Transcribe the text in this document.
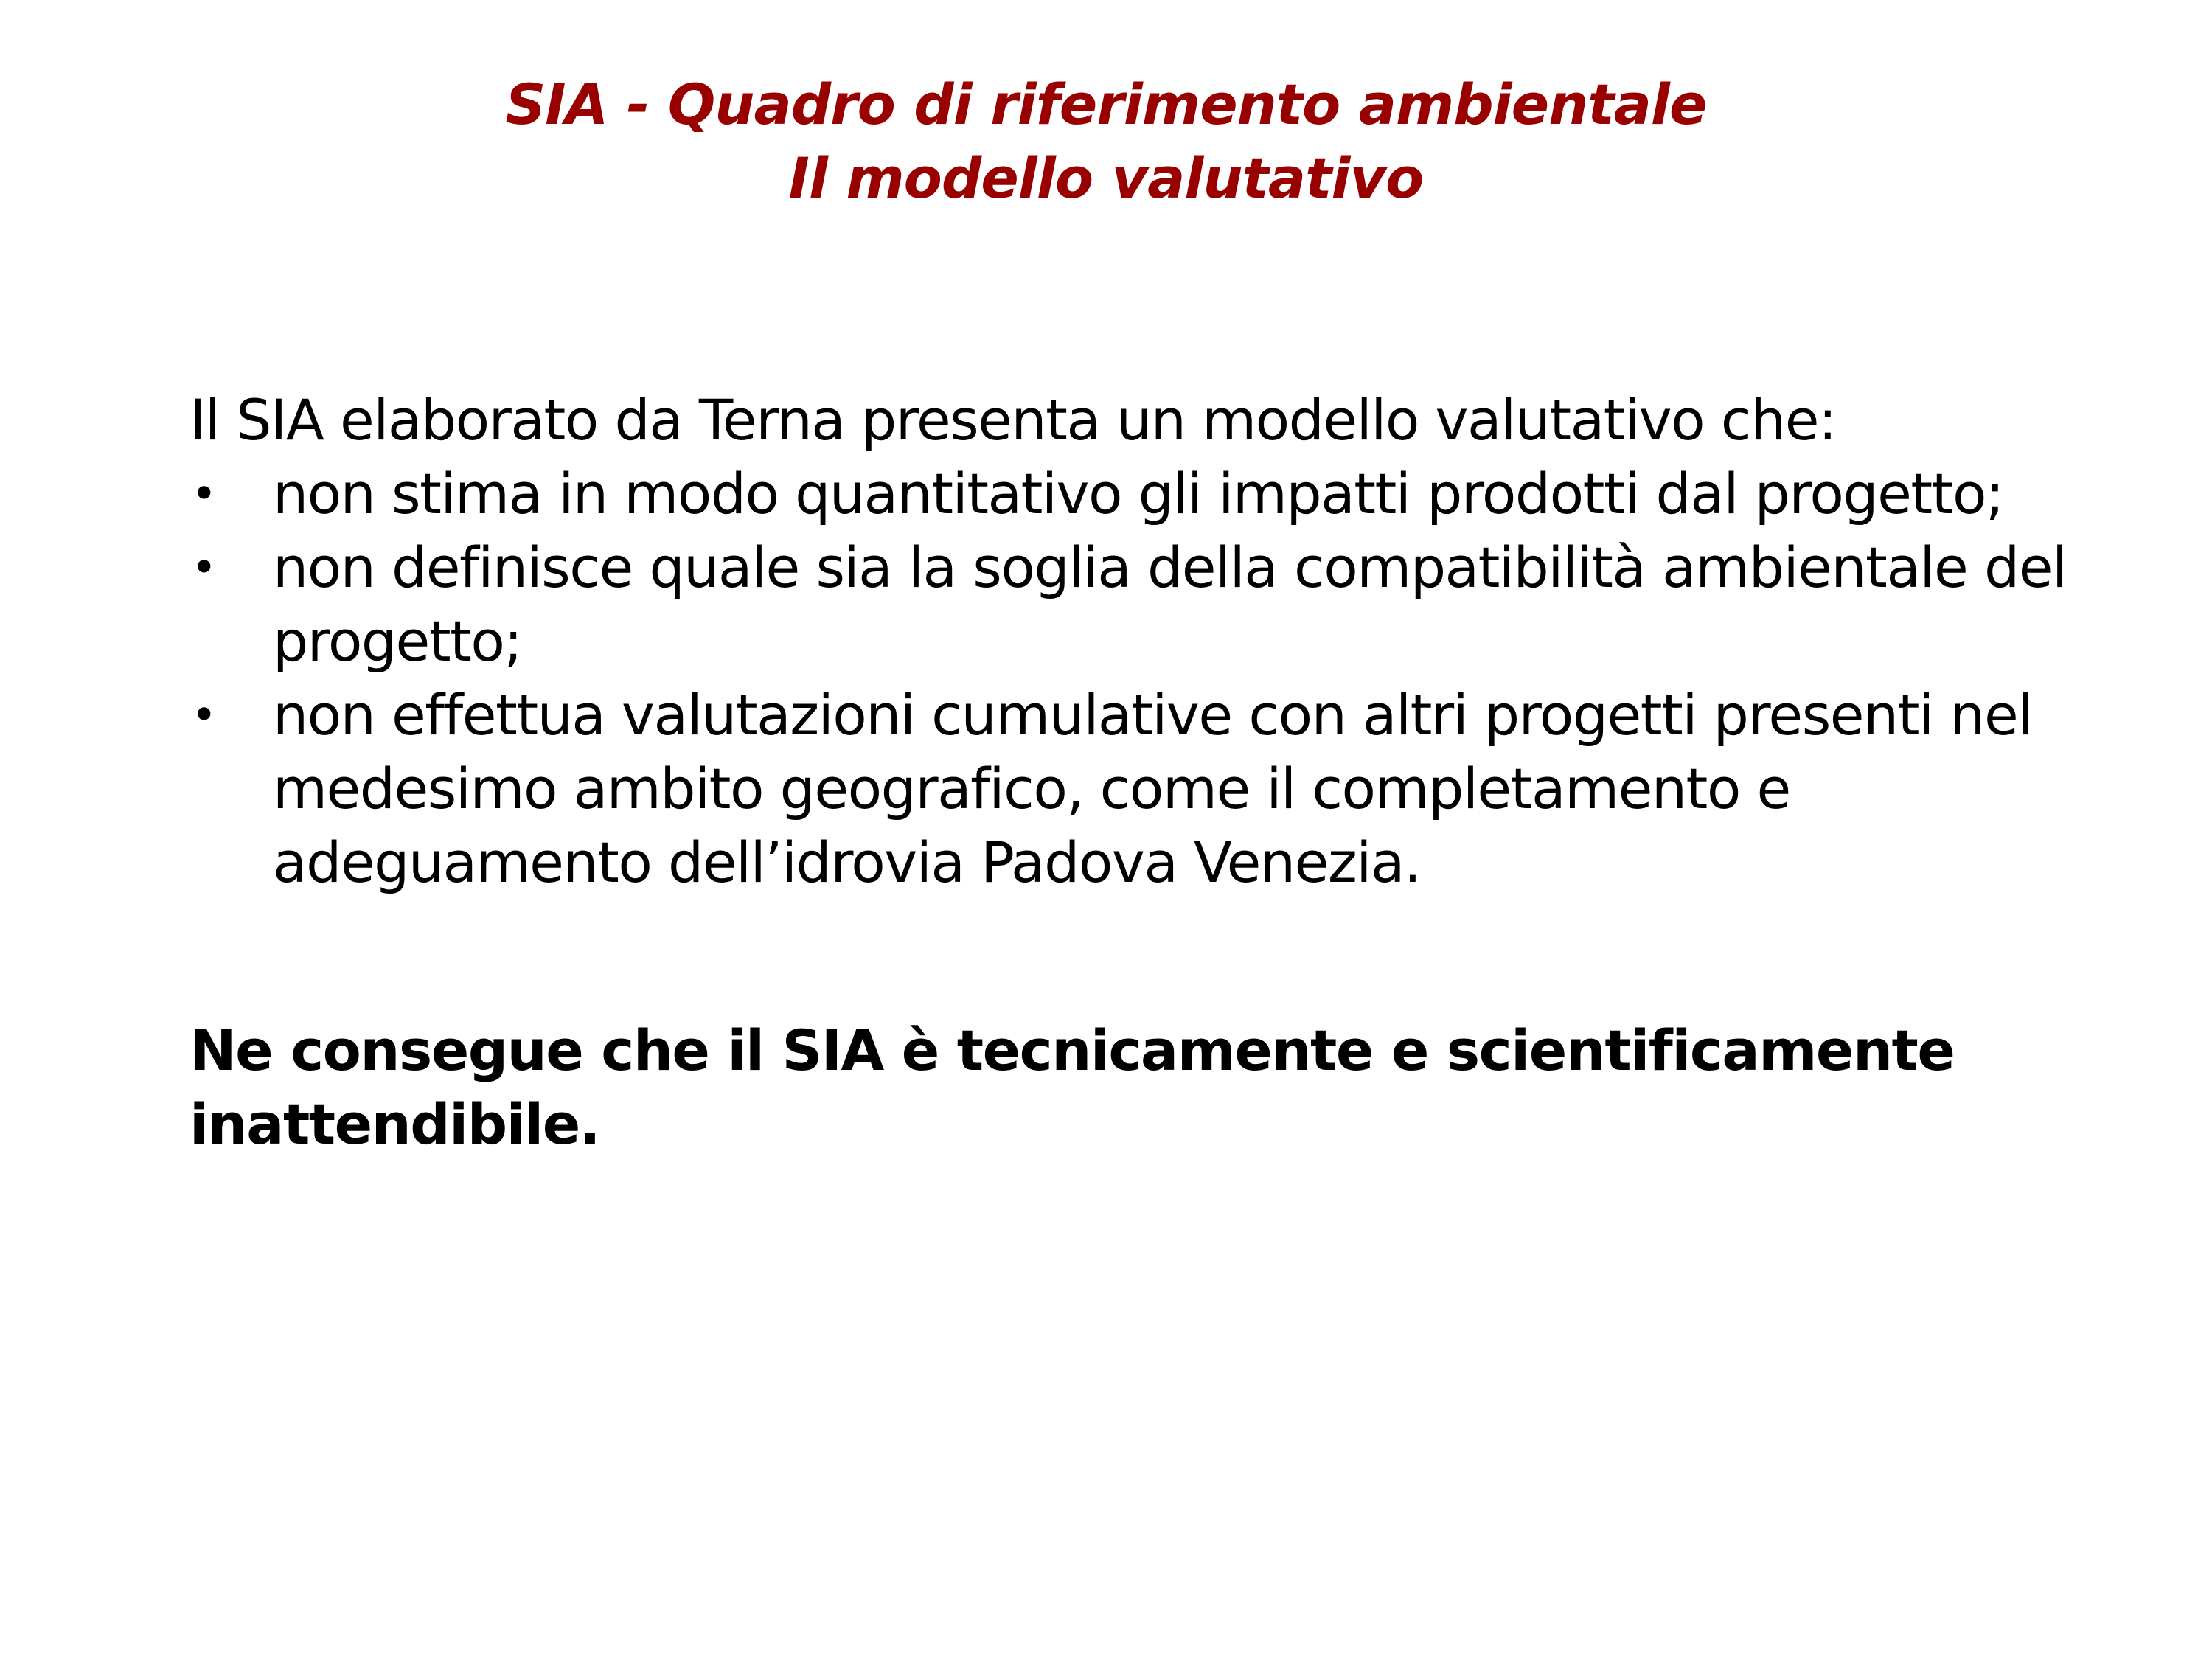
SIA - Quadro di riferimento ambientale
Il modello valutativo
Il SIA elaborato da Terna presenta un modello valutativo che:
•	non stima in modo quantitativo gli impatti prodotti dal progetto;
•	non definisce quale sia la soglia della compatibilità ambientale del progetto;
•	non effettua valutazioni cumulative con altri progetti presenti nel medesimo ambito geografico, come il completamento e adeguamento dell’idrovia Padova Venezia.
Ne consegue che il SIA è tecnicamente e scientificamente inattendibile.
